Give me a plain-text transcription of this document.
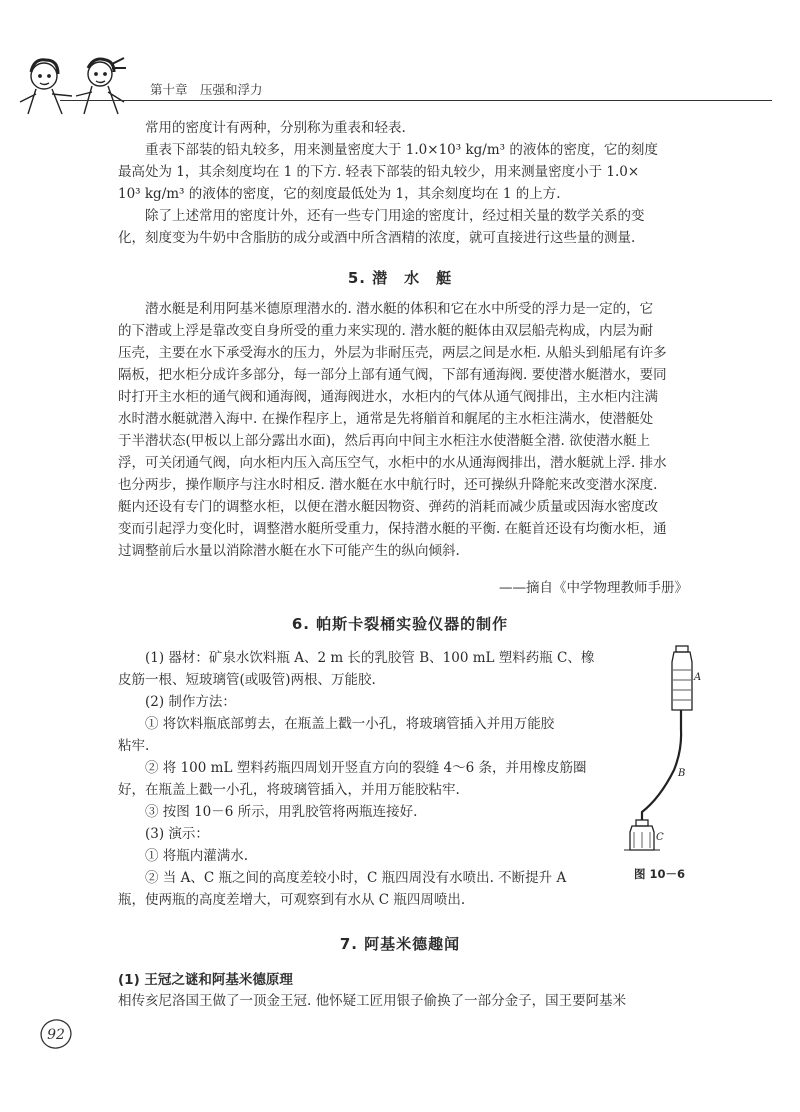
第十章　压强和浮力
常用的密度计有两种，分别称为重表和轻表.
重表下部装的铅丸较多，用来测量密度大于 1.0×10³ kg/m³ 的液体的密度，它的刻度
最高处为 1，其余刻度均在 1 的下方. 轻表下部装的铅丸较少，用来测量密度小于 1.0×
10³ kg/m³ 的液体的密度，它的刻度最低处为 1，其余刻度均在 1 的上方.
除了上述常用的密度计外，还有一些专门用途的密度计，经过相关量的数学关系的变
化，刻度变为牛奶中含脂肪的成分或酒中所含酒精的浓度，就可直接进行这些量的测量.
5. 潜　水　艇
潜水艇是利用阿基米德原理潜水的. 潜水艇的体积和它在水中所受的浮力是一定的，它
的下潜或上浮是靠改变自身所受的重力来实现的. 潜水艇的艇体由双层船壳构成，内层为耐
压壳，主要在水下承受海水的压力，外层为非耐压壳，两层之间是水柜. 从船头到船尾有许多
隔板，把水柜分成许多部分，每一部分上部有通气阀，下部有通海阀. 要使潜水艇潜水，要同
时打开主水柜的通气阀和通海阀，通海阀进水，水柜内的气体从通气阀排出，主水柜内注满
水时潜水艇就潜入海中. 在操作程序上，通常是先将艏首和艉尾的主水柜注满水，使潜艇处
于半潜状态(甲板以上部分露出水面)，然后再向中间主水柜注水使潜艇全潜. 欲使潜水艇上
浮，可关闭通气阀，向水柜内压入高压空气，水柜中的水从通海阀排出，潜水艇就上浮. 排水
也分两步，操作顺序与注水时相反. 潜水艇在水中航行时，还可操纵升降舵来改变潜水深度.
艇内还设有专门的调整水柜，以便在潜水艇因物资、弹药的消耗而减少质量或因海水密度改
变而引起浮力变化时，调整潜水艇所受重力，保持潜水艇的平衡. 在艇首还设有均衡水柜，通
过调整前后水量以消除潜水艇在水下可能产生的纵向倾斜.
——摘自《中学物理教师手册》
6. 帕斯卡裂桶实验仪器的制作
(1) 器材：矿泉水饮料瓶 A、2 m 长的乳胶管 B、100 mL 塑料药瓶 C、橡
皮筋一根、短玻璃管(或吸管)两根、万能胶.
(2) 制作方法：
① 将饮料瓶底部剪去，在瓶盖上戳一小孔，将玻璃管插入并用万能胶
粘牢.
② 将 100 mL 塑料药瓶四周划开竖直方向的裂缝 4～6 条，并用橡皮筋圈
好，在瓶盖上戳一小孔，将玻璃管插入，并用万能胶粘牢.
③ 按图 10－6 所示，用乳胶管将两瓶连接好.
(3) 演示：
① 将瓶内灌满水.
② 当 A、C 瓶之间的高度差较小时，C 瓶四周没有水喷出. 不断提升 A
瓶，使两瓶的高度差增大，可观察到有水从 C 瓶四周喷出.
A
B
C
图 10－6
7. 阿基米德趣闻
(1) 王冠之谜和阿基米德原理
相传亥尼洛国王做了一顶金王冠. 他怀疑工匠用银子偷换了一部分金子，国王要阿基米
92
